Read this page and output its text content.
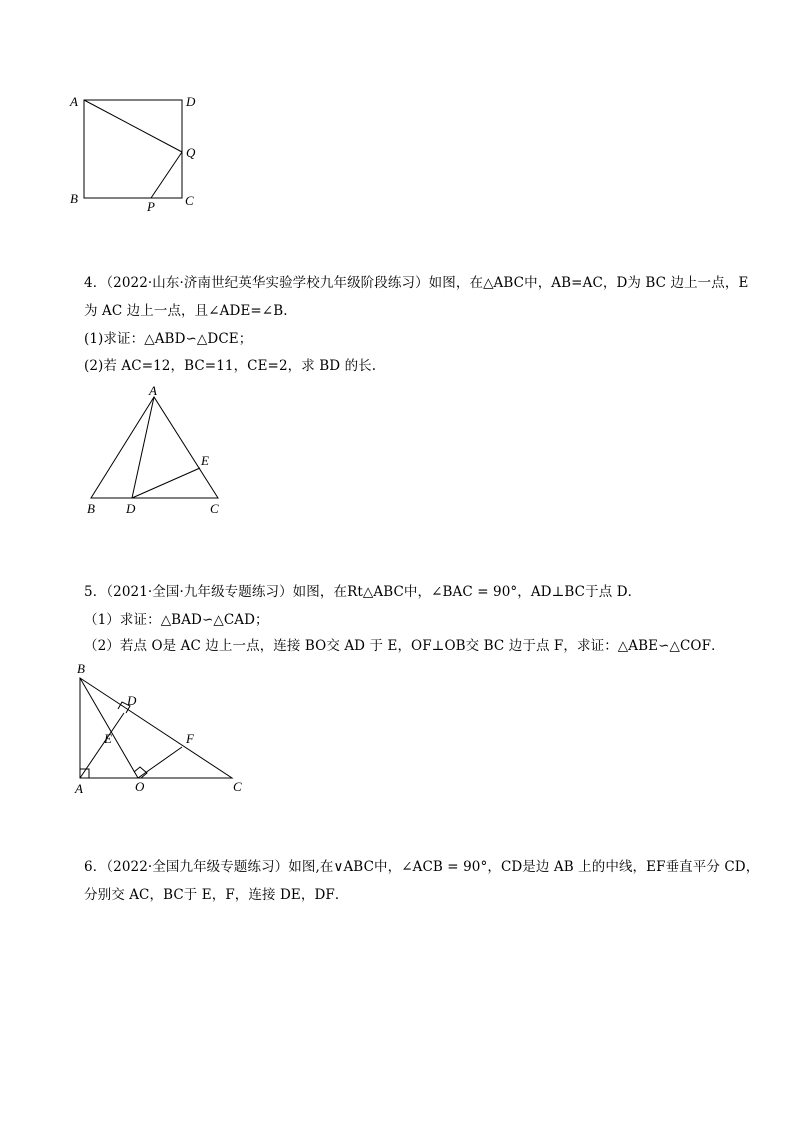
A	D
Q
B
P C
4．（2022·山东·济南世纪英华实验学校九年级阶段练习）如图，在△ABC中，AB=AC，D为 BC 边上一点，E
为 AC 边上一点，且∠ADE=∠B.
(1)求证：△ABD∽△DCE；
(2)若 AC=12，BC=11，CE=2，求 BD 的长.
A
E
B D	C
5．（2021·全国·九年级专题练习）如图，在Rt△ABC中，∠BAC = 90°，AD⊥BC于点 D．
（1）求证：△BAD∽△CAD；
（2）若点 O是 AC 边上一点，连接 BO交 AD 于 E，OF⊥OB交 BC 边于点 F，求证：△ABE∽△COF．
B
D
E	F
A	O	C
6．（2022·全国九年级专题练习）如图,在∨ABC中，∠ACB = 90°，CD是边 AB 上的中线，EF垂直平分 CD，
分别交 AC，BC于 E，F，连接 DE，DF．
